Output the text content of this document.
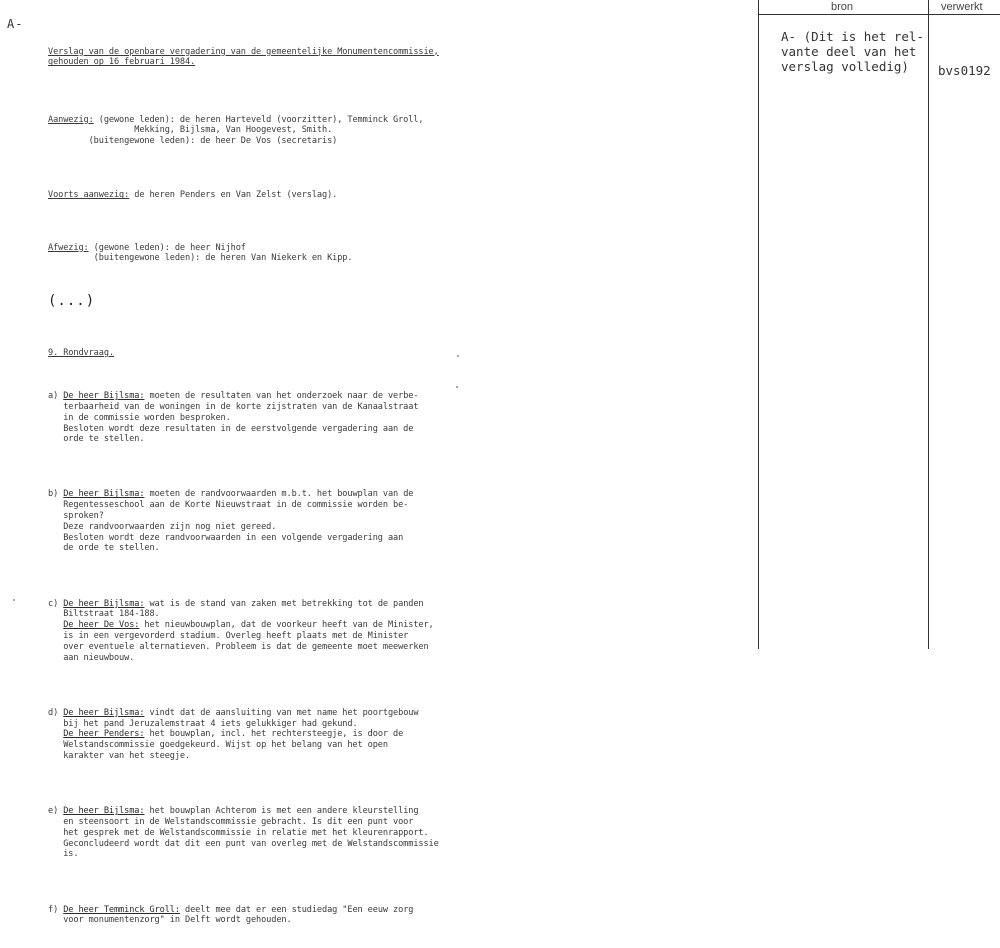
A-

Verslag van de openbare vergadering van de gemeentelijke Monumentencommissie,
gehouden op 16 februari 1984.

Aanwezig: (gewone leden): de heren Harteveld (voorzitter), Temminck Groll,
Mekking, Bijlsma, Van Hoogevest, Smith.
(buitengewone leden): de heer De Vos (secretaris)

Voorts aanwezig: de heren Penders en Van Zelst (verslag).

Afwezig: (gewone leden): de heer Nijhof
(buitengewone leden): de heren Van Niekerk en Kipp.

(...)

9. Rondvraag.

a) De heer Bijlsma: moeten de resultaten van het onderzoek naar de verbe-
terbaarheid van de woningen in de korte zijstraten van de Kanaalstraat
in de commissie worden besproken.
Besloten wordt deze resultaten in de eerstvolgende vergadering aan de
orde te stellen.

b) De heer Bijlsma: moeten de randvoorwaarden m.b.t. het bouwplan van de
Regentesseschool aan de Korte Nieuwstraat in de commissie worden be-
sproken?
Deze randvoorwaarden zijn nog niet gereed.
Besloten wordt deze randvoorwaarden in een volgende vergadering aan
de orde te stellen.

c) De heer Bijlsma: wat is de stand van zaken met betrekking tot de panden
Biltstraat 184-188.
De heer De Vos: het nieuwbouwplan, dat de voorkeur heeft van de Minister,
is in een vergevorderd stadium. Overleg heeft plaats met de Minister
over eventuele alternatieven. Probleem is dat de gemeente moet meewerken
aan nieuwbouw.

d) De heer Bijlsma: vindt dat de aansluiting van met name het poortgebouw
bij het pand Jeruzalemstraat 4 iets gelukkiger had gekund.
De heer Penders: het bouwplan, incl. het rechtersteegje, is door de
Welstandscommissie goedgekeurd. Wijst op het belang van het open
karakter van het steegje.

e) De heer Bijlsma: het bouwplan Achterom is met een andere kleurstelling
en steensoort in de Welstandscommissie gebracht. Is dit een punt voor
het gesprek met de Welstandscommissie in relatie met het kleurenrapport.
Geconcludeerd wordt dat dit een punt van overleg met de Welstandscommissie
is.

f) De heer Temminck Groll: deelt mee dat er een studiedag "Een eeuw zorg
voor monumentenzorg" in Delft wordt gehouden.

bron	verwerkt
A- (Dit is het rel-
vante deel van het
verslag volledig)	bvs0192
